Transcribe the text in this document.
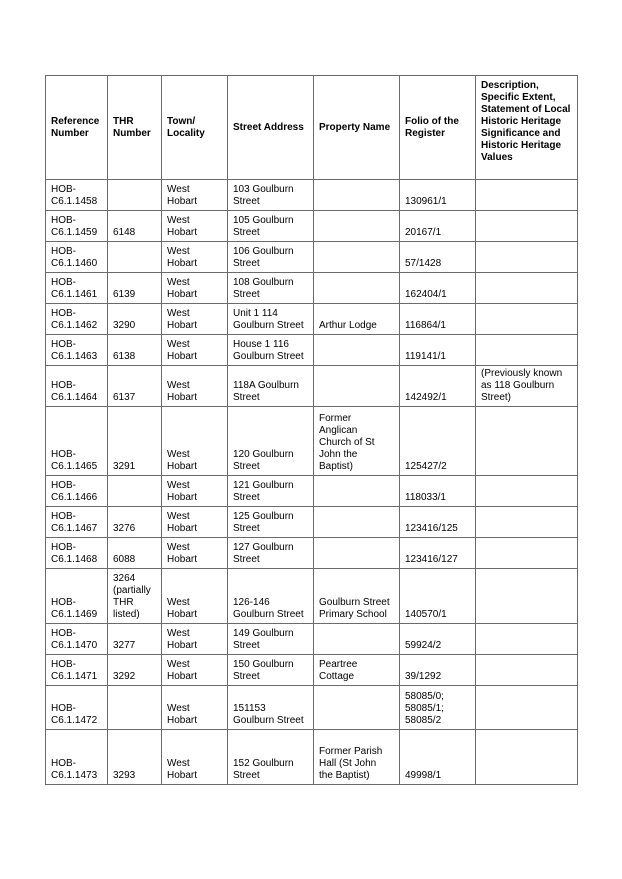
Reference Number	THR Number	Town/ Locality	Street Address	Property Name	Folio of the Register	Description, Specific Extent, Statement of Local Historic Heritage Significance and Historic Heritage Values

HOB-
C6.1.1458		West
Hobart	103 Goulburn
Street		130961/1	

HOB-
C6.1.1459	6148	West
Hobart	105 Goulburn
Street		20167/1	

HOB-
C6.1.1460		West
Hobart	106 Goulburn
Street		57/1428	

HOB-
C6.1.1461	6139	West
Hobart	108 Goulburn
Street		162404/1	

HOB-
C6.1.1462	3290	West
Hobart	Unit 1 114
Goulburn Street	Arthur Lodge	116864/1	

HOB-
C6.1.1463	6138	West
Hobart	House 1 116
Goulburn Street		119141/1	

HOB-
C6.1.1464	6137	West
Hobart	118A Goulburn
Street		142492/1	(Previously known
as 118 Goulburn
Street)

HOB-
C6.1.1465	3291	West
Hobart	120 Goulburn
Street	Former
Anglican
Church of St
John the
Baptist)	125427/2	

HOB-
C6.1.1466		West
Hobart	121 Goulburn
Street		118033/1	

HOB-
C6.1.1467	3276	West
Hobart	125 Goulburn
Street		123416/125	

HOB-
C6.1.1468	6088	West
Hobart	127 Goulburn
Street		123416/127	

HOB-
C6.1.1469	3264
(partially
THR
listed)	West
Hobart	126-146
Goulburn Street	Goulburn Street
Primary School	140570/1	

HOB-
C6.1.1470	3277	West
Hobart	149 Goulburn
Street		59924/2	

HOB-
C6.1.1471	3292	West
Hobart	150 Goulburn
Street	Peartree
Cottage	39/1292	

HOB-
C6.1.1472		West
Hobart	151153
Goulburn Street		58085/0;
58085/1;
58085/2	

HOB-
C6.1.1473	3293	West
Hobart	152 Goulburn
Street	Former Parish
Hall (St John
the Baptist)	49998/1	
